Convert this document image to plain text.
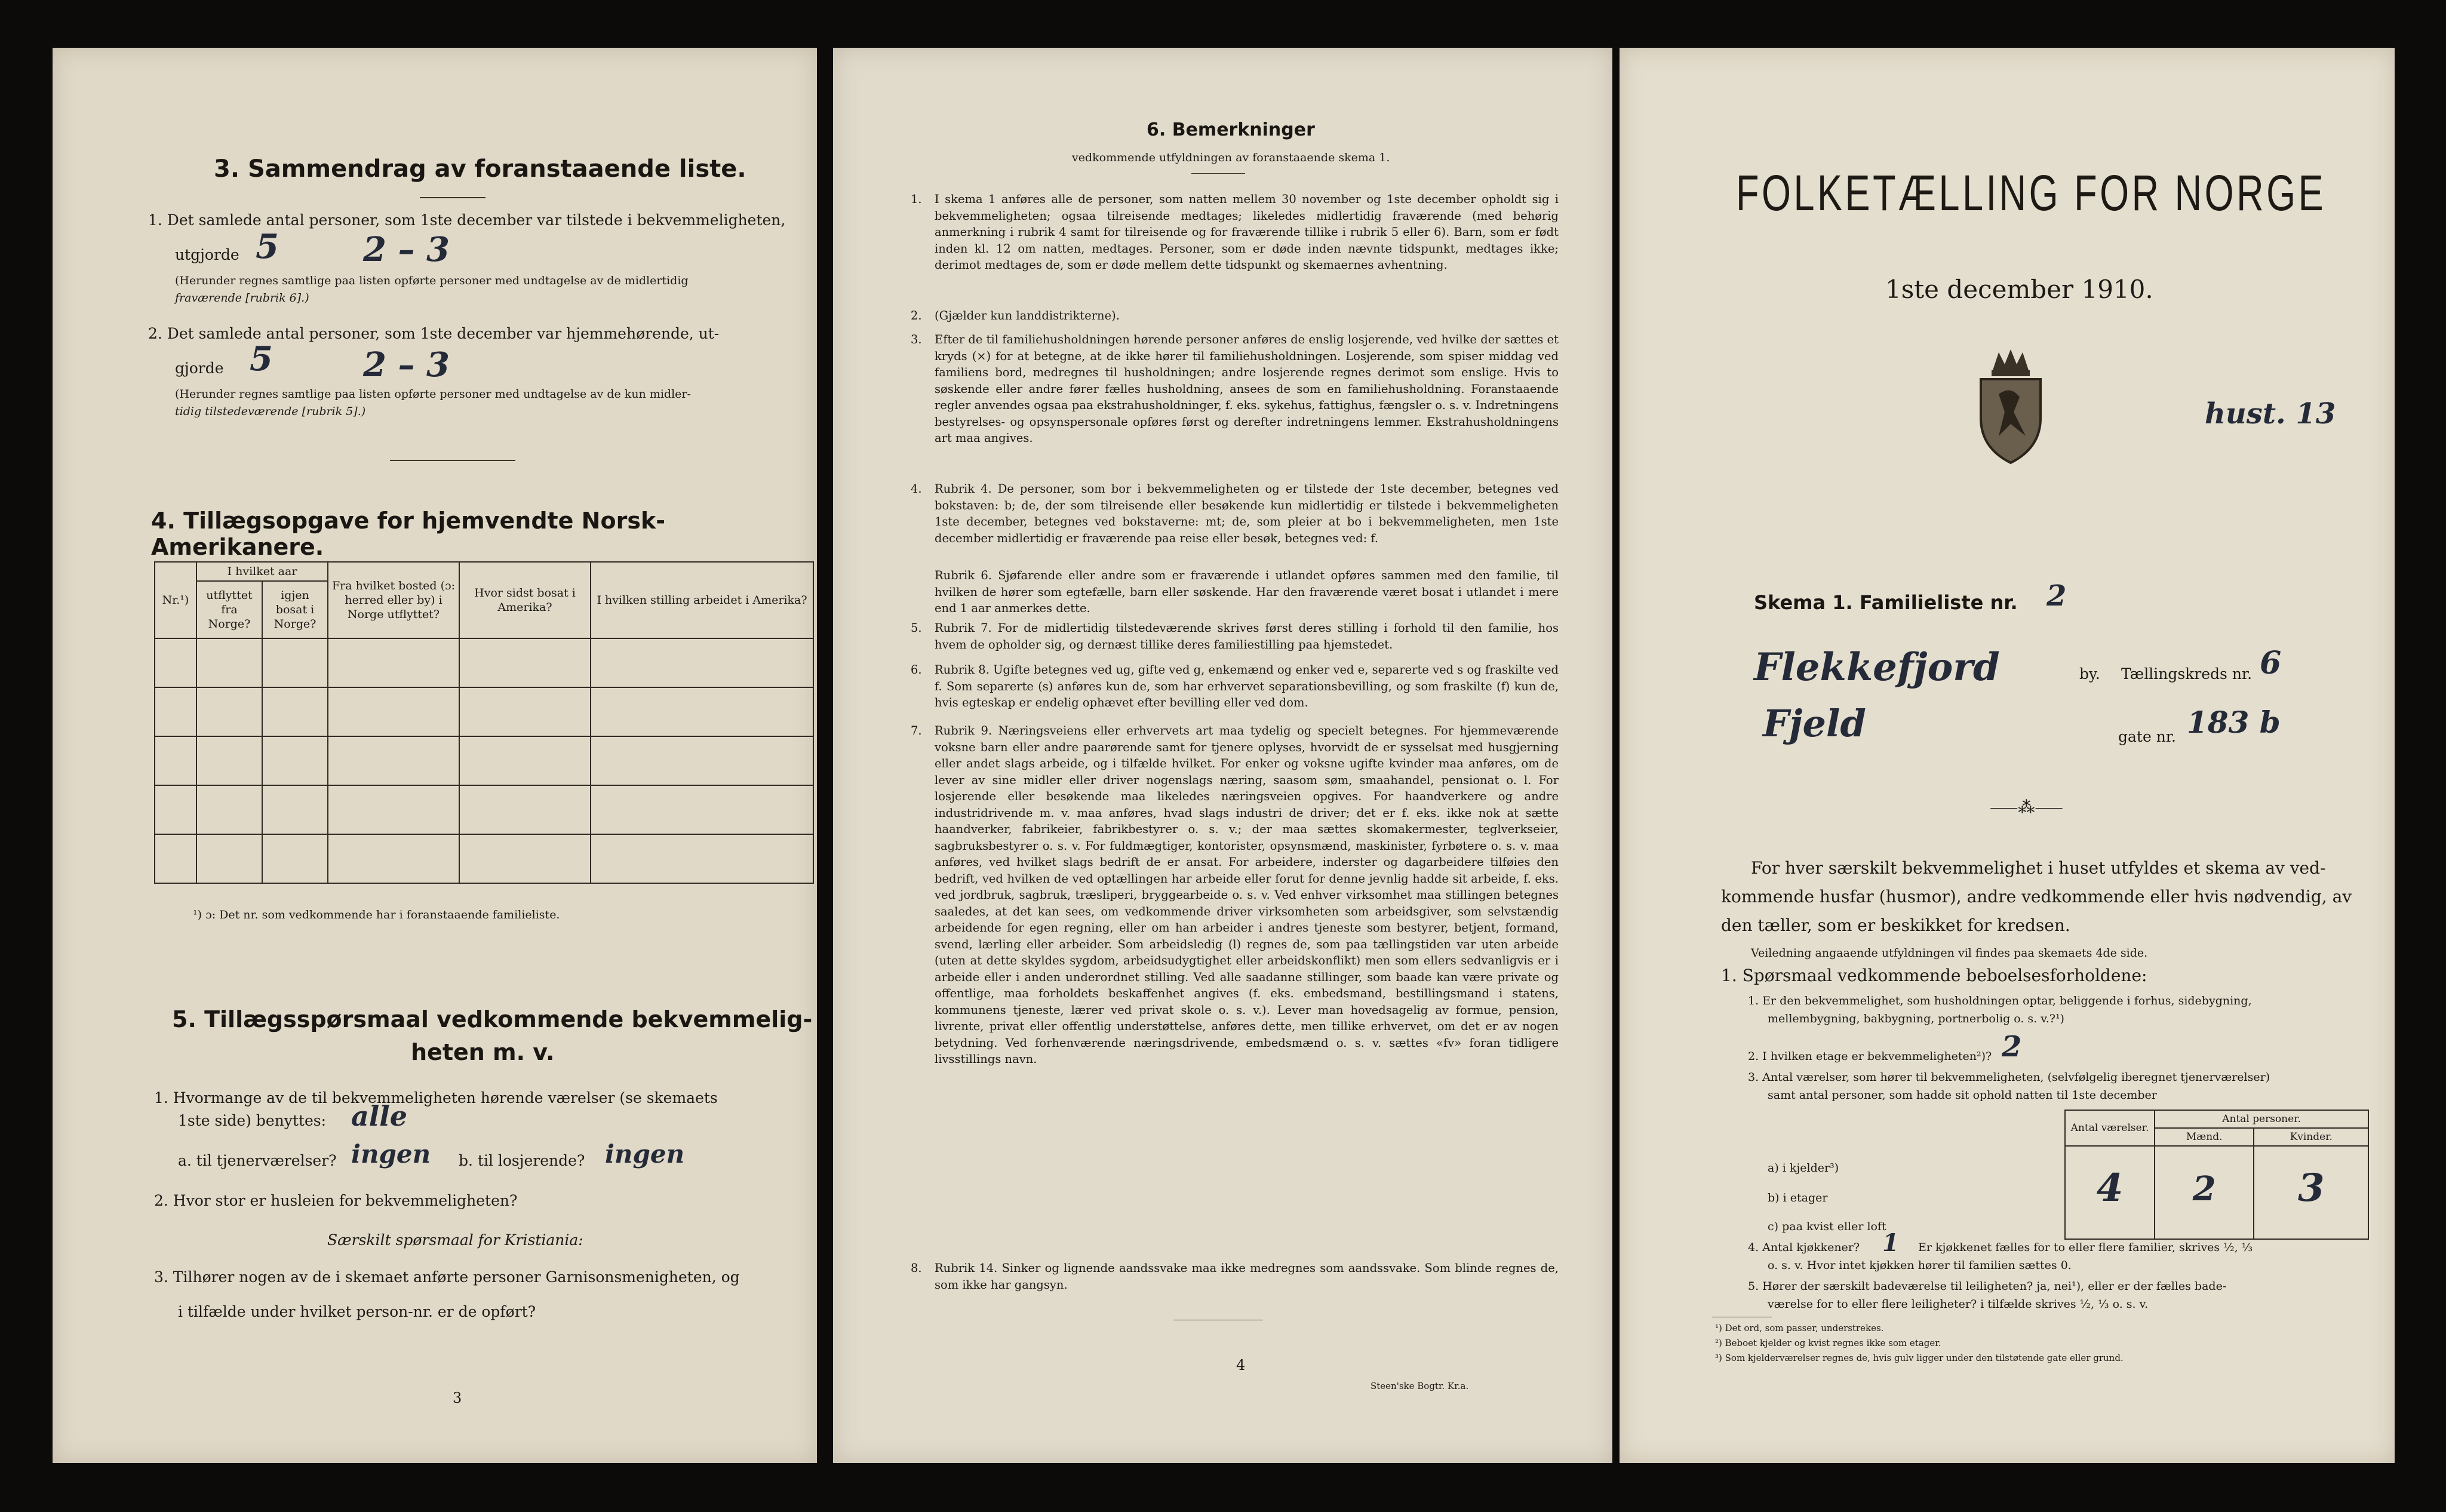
3. Sammendrag av foranstaaende liste.
1. Det samlede antal personer, som 1ste december var tilstede i bekvemmeligheten,
utgjorde 5	2 – 3
(Herunder regnes samtlige paa listen opførte personer med undtagelse av de midlertidig
fraværende [rubrik 6].)
2. Det samlede antal personer, som 1ste december var hjemmehørende, ut-
gjorde 5	2 – 3
(Herunder regnes samtlige paa listen opførte personer med undtagelse av de kun midler-
tidig tilstedeværende [rubrik 5].)
4. Tillægsopgave for hjemvendte Norsk-Amerikanere.
Nr.¹)	I hvilket aar		Fra hvilket bosted (ɔ: herred eller by) i Norge utflyttet?	Hvor sidst bosat i Amerika?	I hvilken stilling arbeidet i Amerika?
	utflyttet fra Norge?	igjen bosat i Norge?			

¹) ɔ: Det nr. som vedkommende har i foranstaaende familieliste.
5. Tillægsspørsmaal vedkommende bekvemmelig-
heten m. v.
1. Hvormange av de til bekvemmeligheten hørende værelser (se skemaets
1ste side) benyttes: alle
a. til tjenerværelser? ingen b. til losjerende? ingen
2. Hvor stor er husleien for bekvemmeligheten?
Særskilt spørsmaal for Kristiania:
3. Tilhører nogen av de i skemaet anførte personer Garnisonsmenigheten, og
i tilfælde under hvilket person-nr. er de opført?
3
6. Bemerkninger
vedkommende utfyldningen av foranstaaende skema 1.
1. I skema 1 anføres alle de personer, som natten mellem 30 november og 1ste december opholdt sig i bekvemmeligheten; ogsaa tilreisende medtages; likeledes midlertidig fraværende (med behørig anmerkning i rubrik 4 samt for tilreisende og for fraværende tillike i rubrik 5 eller 6). Barn, som er født inden kl. 12 om natten, medtages. Personer, som er døde inden nævnte tidspunkt, medtages ikke; derimot medtages de, som er døde mellem dette tidspunkt og skemaernes avhentning.
2. (Gjælder kun landdistrikterne).
3. Efter de til familiehusholdningen hørende personer anføres de enslig losjerende, ved hvilke der sættes et kryds (×) for at betegne, at de ikke hører til familiehusholdningen. Losjerende, som spiser middag ved familiens bord, medregnes til husholdningen; andre losjerende regnes derimot som enslige. Hvis to søskende eller andre fører fælles husholdning, ansees de som en familiehusholdning. Foranstaaende regler anvendes ogsaa paa ekstrahusholdninger, f. eks. sykehus, fattighus, fængsler o. s. v. Indretningens bestyrelses- og opsynspersonale opføres først og derefter indretningens lemmer. Ekstrahusholdningens art maa angives.
4. Rubrik 4. De personer, som bor i bekvemmeligheten og er tilstede der 1ste december, betegnes ved bokstaven: b; de, der som tilreisende eller besøkende kun midlertidig er tilstede i bekvemmeligheten 1ste december, betegnes ved bokstaverne: mt; de, som pleier at bo i bekvemmeligheten, men 1ste december midlertidig er fraværende paa reise eller besøk, betegnes ved: f.
Rubrik 6. Sjøfarende eller andre som er fraværende i utlandet opføres sammen med den familie, til hvilken de hører som egtefælle, barn eller søskende. Har den fraværende været bosat i utlandet i mere end 1 aar anmerkes dette.
5. Rubrik 7. For de midlertidig tilstedeværende skrives først deres stilling i forhold til den familie, hos hvem de opholder sig, og dernæst tillike deres familiestilling paa hjemstedet.
6. Rubrik 8. Ugifte betegnes ved ug, gifte ved g, enkemænd og enker ved e, separerte ved s og fraskilte ved f. Som separerte (s) anføres kun de, som har erhvervet separationsbevilling, og som fraskilte (f) kun de, hvis egteskap er endelig ophævet efter bevilling eller ved dom.
7. Rubrik 9. Næringsveiens eller erhvervets art maa tydelig og specielt betegnes. For hjemmeværende voksne barn eller andre paarørende samt for tjenere oplyses, hvorvidt de er sysselsat med husgjerning eller andet slags arbeide, og i tilfælde hvilket. For enker og voksne ugifte kvinder maa anføres, om de lever av sine midler eller driver nogenslags næring, saasom søm, smaahandel, pensionat o. l. For losjerende eller besøkende maa likeledes næringsveien opgives. For haandverkere og andre industridrivende m. v. maa anføres, hvad slags industri de driver; det er f. eks. ikke nok at sætte haandverker, fabrikeier, fabrikbestyrer o. s. v.; der maa sættes skomakermester, teglverkseier, sagbruksbestyrer o. s. v. For fuldmægtiger, kontorister, opsynsmænd, maskinister, fyrbøtere o. s. v. maa anføres, ved hvilket slags bedrift de er ansat. For arbeidere, inderster og dagarbeidere tilføies den bedrift, ved hvilken de ved optællingen har arbeide eller forut for denne jevnlig hadde sit arbeide, f. eks. ved jordbruk, sagbruk, træsliperi, bryggearbeide o. s. v. Ved enhver virksomhet maa stillingen betegnes saaledes, at det kan sees, om vedkommende driver virksomheten som arbeidsgiver, som selvstændig arbeidende for egen regning, eller om han arbeider i andres tjeneste som bestyrer, betjent, formand, svend, lærling eller arbeider. Som arbeidsledig (l) regnes de, som paa tællingstiden var uten arbeide (uten at dette skyldes sygdom, arbeidsudygtighet eller arbeidskonflikt) men som ellers sedvanligvis er i arbeide eller i anden underordnet stilling. Ved alle saadanne stillinger, som baade kan være private og offentlige, maa forholdets beskaffenhet angives (f. eks. embedsmand, bestillingsmand i statens, kommunens tjeneste, lærer ved privat skole o. s. v.). Lever man hovedsagelig av formue, pension, livrente, privat eller offentlig understøttelse, anføres dette, men tillike erhvervet, om det er av nogen betydning. Ved forhenværende næringsdrivende, embedsmænd o. s. v. sættes «fv» foran tidligere livsstillings navn.
8. Rubrik 14. Sinker og lignende aandssvake maa ikke medregnes som aandssvake. Som blinde regnes de, som ikke har gangsyn.
4
Steen'ske Bogtr. Kr.a.
FOLKETÆLLING FOR NORGE
1ste december 1910.
hust. 13
Skema 1. Familieliste nr. 2
Flekkefjord	by. Tællingskreds nr. 6
Fjeld	gate nr. 183 b
⸺⁂⸺
For hver særskilt bekvemmelighet i huset utfyldes et skema av ved-
kommende husfar (husmor), andre vedkommende eller hvis nødvendig, av
den tæller, som er beskikket for kredsen.
Veiledning angaaende utfyldningen vil findes paa skemaets 4de side.
1. Spørsmaal vedkommende beboelsesforholdene:
1. Er den bekvemmelighet, som husholdningen optar, beliggende i forhus, sidebygning,
mellembygning, bakbygning, portnerbolig o. s. v.?¹)
2. I hvilken etage er bekvemmeligheten²)? 2
3. Antal værelser, som hører til bekvemmeligheten, (selvfølgelig iberegnet tjenerværelser)
samt antal personer, som hadde sit ophold natten til 1ste december
Antal værelser.	Antal personer.	
	Mænd.	Kvinder.
4	2	3
a) i kjelder³)
b) i etager
c) paa kvist eller loft
4. Antal kjøkkener? 1 Er kjøkkenet fælles for to eller flere familier, skrives ½, ⅓
o. s. v. Hvor intet kjøkken hører til familien sættes 0.
5. Hører der særskilt badeværelse til leiligheten? ja, nei¹), eller er der fælles bade-
værelse for to eller flere leiligheter? i tilfælde skrives ½, ⅓ o. s. v.
¹) Det ord, som passer, understrekes.
²) Beboet kjelder og kvist regnes ikke som etager.
³) Som kjelderværelser regnes de, hvis gulv ligger under den tilstøtende gate eller grund.
